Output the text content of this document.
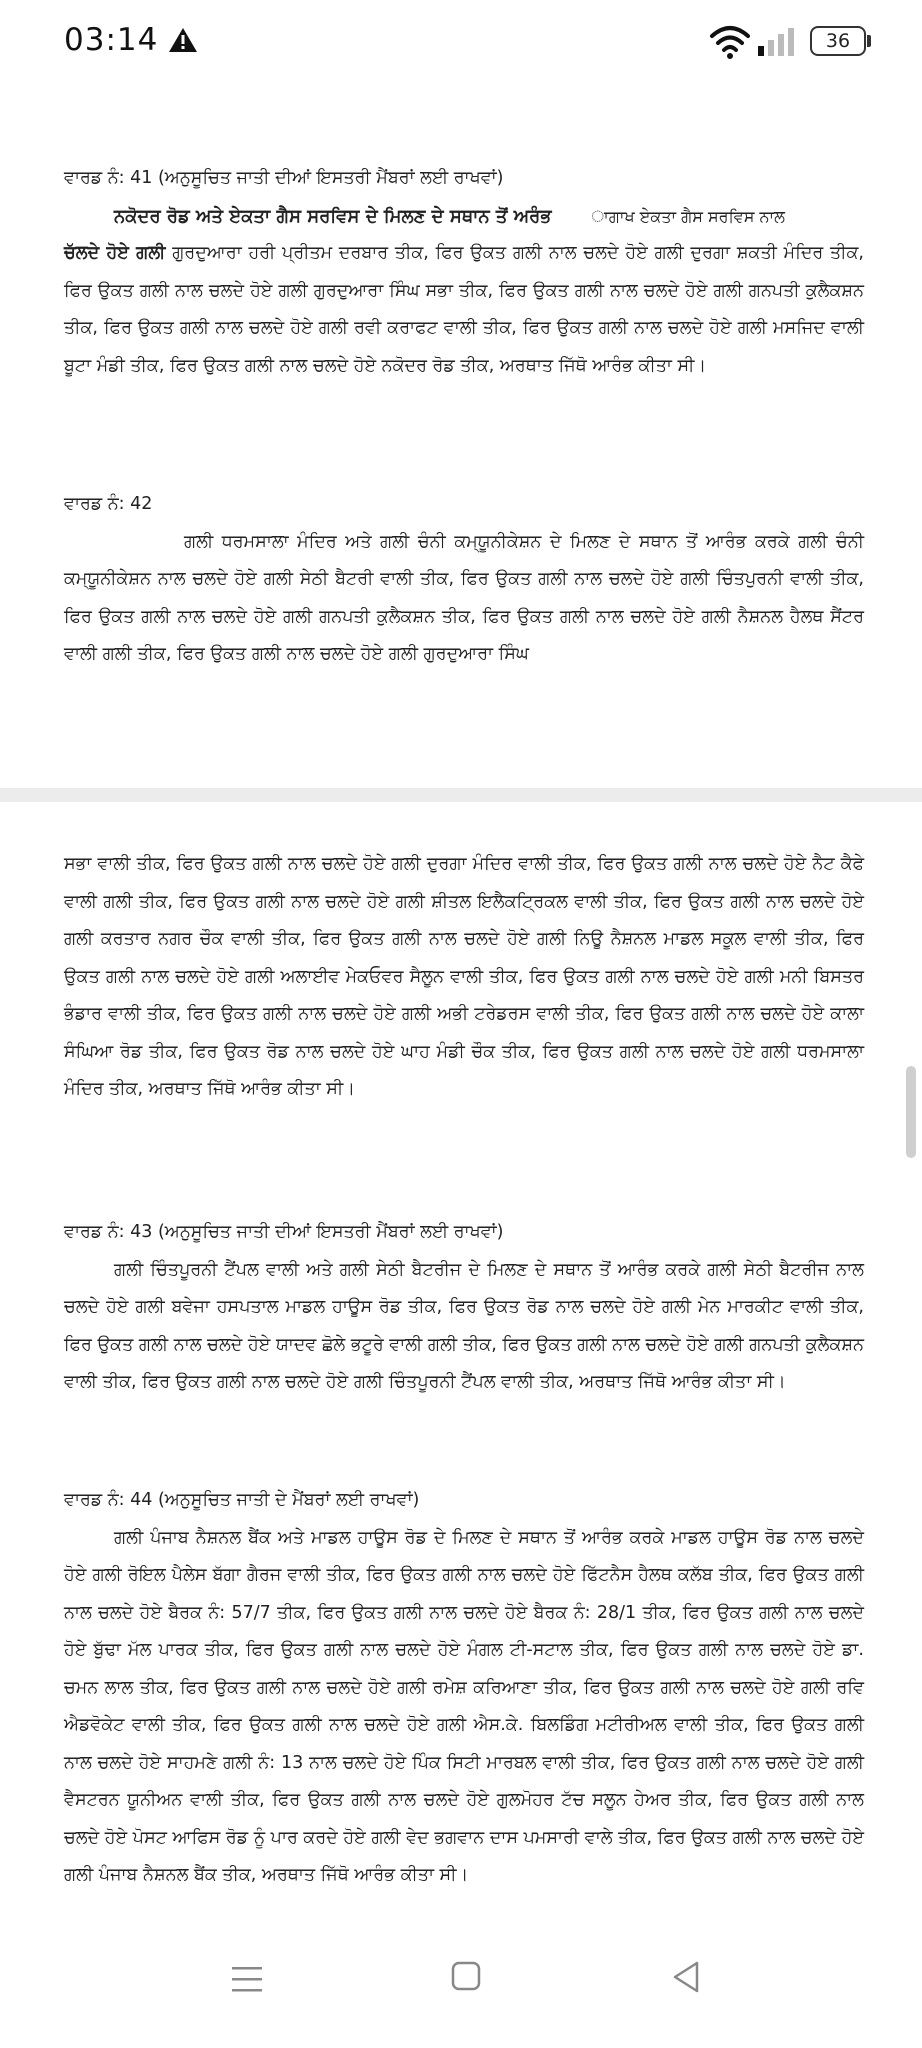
03:14	36
ਵਾਰਡ ਨੰ: 41 (ਅਨੁਸੂਚਿਤ ਜਾਤੀ ਦੀਆਂ ਇਸਤਰੀ ਮੈਂਬਰਾਂ ਲਈ ਰਾਖਵਾਂ)
ਨਕੋਦਰ ਰੋਡ ਅਤੇ ਏਕਤਾ ਗੈਸ ਸਰਵਿਸ ਦੇ ਮਿਲਣ ਦੇ ਸਥਾਨ ਤੋਂ ਅਰੰਭ	ਾਗਾਖ ਏਕਤਾ ਗੈਸ ਸਰਵਿਸ ਨਾਲ
ਚੱਲਦੇ ਹੋਏ ਗਲੀ ਗੁਰਦੁਆਰਾ ਹਰੀ ਪ੍ਰੀਤਮ ਦਰਬਾਰ ਤੀਕ, ਫਿਰ ਉਕਤ ਗਲੀ ਨਾਲ ਚਲਦੇ ਹੋਏ ਗਲੀ ਦੁਰਗਾ ਸ਼ਕਤੀ ਮੰਦਿਰ ਤੀਕ, ਫਿਰ ਉਕਤ ਗਲੀ ਨਾਲ ਚਲਦੇ ਹੋਏ ਗਲੀ ਗੁਰਦੁਆਰਾ ਸਿੰਘ ਸਭਾ ਤੀਕ, ਫਿਰ ਉਕਤ ਗਲੀ ਨਾਲ ਚਲਦੇ ਹੋਏ ਗਲੀ ਗਨਪਤੀ ਕੁਲੈਕਸ਼ਨ ਤੀਕ, ਫਿਰ ਉਕਤ ਗਲੀ ਨਾਲ ਚਲਦੇ ਹੋਏ ਗਲੀ ਰਵੀ ਕਰਾਫਟ ਵਾਲੀ ਤੀਕ, ਫਿਰ ਉਕਤ ਗਲੀ ਨਾਲ ਚਲਦੇ ਹੋਏ ਗਲੀ ਮਸਜਿਦ ਵਾਲੀ ਬੂਟਾ ਮੰਡੀ ਤੀਕ, ਫਿਰ ਉਕਤ ਗਲੀ ਨਾਲ ਚਲਦੇ ਹੋਏ ਨਕੋਦਰ ਰੋਡ ਤੀਕ, ਅਰਥਾਤ ਜਿੱਥੋ ਆਰੰਭ ਕੀਤਾ ਸੀ।
ਵਾਰਡ ਨੰ: 42
ਗਲੀ ਧਰਮਸਾਲਾ ਮੰਦਿਰ ਅਤੇ ਗਲੀ ਚੰਨੀ ਕਮ੍ਯੂਨੀਕੇਸ਼ਨ ਦੇ ਮਿਲਣ ਦੇ ਸਥਾਨ ਤੋਂ ਆਰੰਭ ਕਰਕੇ ਗਲੀ ਚੰਨੀ ਕਮ੍ਯੂਨੀਕੇਸ਼ਨ ਨਾਲ ਚਲਦੇ ਹੋਏ ਗਲੀ ਸੇਠੀ ਬੈਟਰੀ ਵਾਲੀ ਤੀਕ, ਫਿਰ ਉਕਤ ਗਲੀ ਨਾਲ ਚਲਦੇ ਹੋਏ ਗਲੀ ਚਿੰਤਪੁਰਨੀ ਵਾਲੀ ਤੀਕ, ਫਿਰ ਉਕਤ ਗਲੀ ਨਾਲ ਚਲਦੇ ਹੋਏ ਗਲੀ ਗਨਪਤੀ ਕੁਲੈਕਸ਼ਨ ਤੀਕ, ਫਿਰ ਉਕਤ ਗਲੀ ਨਾਲ ਚਲਦੇ ਹੋਏ ਗਲੀ ਨੈਸ਼ਨਲ ਹੈਲਥ ਸੈਂਟਰ ਵਾਲੀ ਗਲੀ ਤੀਕ, ਫਿਰ ਉਕਤ ਗਲੀ ਨਾਲ ਚਲਦੇ ਹੋਏ ਗਲੀ ਗੁਰਦੁਆਰਾ ਸਿੰਘ
ਸਭਾ ਵਾਲੀ ਤੀਕ, ਫਿਰ ਉਕਤ ਗਲੀ ਨਾਲ ਚਲਦੇ ਹੋਏ ਗਲੀ ਦੁਰਗਾ ਮੰਦਿਰ ਵਾਲੀ ਤੀਕ, ਫਿਰ ਉਕਤ ਗਲੀ ਨਾਲ ਚਲਦੇ ਹੋਏ ਨੈਟ ਕੈਫੇ ਵਾਲੀ ਗਲੀ ਤੀਕ, ਫਿਰ ਉਕਤ ਗਲੀ ਨਾਲ ਚਲਦੇ ਹੋਏ ਗਲੀ ਸ਼ੀਤਲ ਇਲੈਕਟ੍ਰਿਕਲ ਵਾਲੀ ਤੀਕ, ਫਿਰ ਉਕਤ ਗਲੀ ਨਾਲ ਚਲਦੇ ਹੋਏ ਗਲੀ ਕਰਤਾਰ ਨਗਰ ਚੌਕ ਵਾਲੀ ਤੀਕ, ਫਿਰ ਉਕਤ ਗਲੀ ਨਾਲ ਚਲਦੇ ਹੋਏ ਗਲੀ ਨਿਊ ਨੈਸ਼ਨਲ ਮਾਡਲ ਸਕੂਲ ਵਾਲੀ ਤੀਕ, ਫਿਰ ਉਕਤ ਗਲੀ ਨਾਲ ਚਲਦੇ ਹੋਏ ਗਲੀ ਅਲਾਈਵ ਮੇਕਓਵਰ ਸੈਲੂਨ ਵਾਲੀ ਤੀਕ, ਫਿਰ ਉਕਤ ਗਲੀ ਨਾਲ ਚਲਦੇ ਹੋਏ ਗਲੀ ਮਨੀ ਬਿਸਤਰ ਭੰਡਾਰ ਵਾਲੀ ਤੀਕ, ਫਿਰ ਉਕਤ ਗਲੀ ਨਾਲ ਚਲਦੇ ਹੋਏ ਗਲੀ ਅਭੀ ਟਰੇਡਰਸ ਵਾਲੀ ਤੀਕ, ਫਿਰ ਉਕਤ ਗਲੀ ਨਾਲ ਚਲਦੇ ਹੋਏ ਕਾਲਾ ਸੰਘਿਆ ਰੋਡ ਤੀਕ, ਫਿਰ ਉਕਤ ਰੋਡ ਨਾਲ ਚਲਦੇ ਹੋਏ ਘਾਹ ਮੰਡੀ ਚੌਕ ਤੀਕ, ਫਿਰ ਉਕਤ ਗਲੀ ਨਾਲ ਚਲਦੇ ਹੋਏ ਗਲੀ ਧਰਮਸਾਲਾ ਮੰਦਿਰ ਤੀਕ, ਅਰਥਾਤ ਜਿੱਥੋ ਆਰੰਭ ਕੀਤਾ ਸੀ।
ਵਾਰਡ ਨੰ: 43 (ਅਨੁਸੂਚਿਤ ਜਾਤੀ ਦੀਆਂ ਇਸਤਰੀ ਮੈਂਬਰਾਂ ਲਈ ਰਾਖਵਾਂ)
ਗਲੀ ਚਿੰਤਪੂਰਨੀ ਟੈਂਪਲ ਵਾਲੀ ਅਤੇ ਗਲੀ ਸੇਠੀ ਬੈਟਰੀਜ ਦੇ ਮਿਲਣ ਦੇ ਸਥਾਨ ਤੋਂ ਆਰੰਭ ਕਰਕੇ ਗਲੀ ਸੇਠੀ ਬੈਟਰੀਜ ਨਾਲ ਚਲਦੇ ਹੋਏ ਗਲੀ ਬਵੇਜਾ ਹਸਪਤਾਲ ਮਾਡਲ ਹਾਊਸ ਰੋਡ ਤੀਕ, ਫਿਰ ਉਕਤ ਰੋਡ ਨਾਲ ਚਲਦੇ ਹੋਏ ਗਲੀ ਮੇਨ ਮਾਰਕੀਟ ਵਾਲੀ ਤੀਕ, ਫਿਰ ਉਕਤ ਗਲੀ ਨਾਲ ਚਲਦੇ ਹੋਏ ਯਾਦਵ ਛੋਲੇ ਭਟੂਰੇ ਵਾਲੀ ਗਲੀ ਤੀਕ, ਫਿਰ ਉਕਤ ਗਲੀ ਨਾਲ ਚਲਦੇ ਹੋਏ ਗਲੀ ਗਨਪਤੀ ਕੁਲੈਕਸ਼ਨ ਵਾਲੀ ਤੀਕ, ਫਿਰ ਉਕਤ ਗਲੀ ਨਾਲ ਚਲਦੇ ਹੋਏ ਗਲੀ ਚਿੰਤਪੂਰਨੀ ਟੈਂਪਲ ਵਾਲੀ ਤੀਕ, ਅਰਥਾਤ ਜਿੱਥੋ ਆਰੰਭ ਕੀਤਾ ਸੀ।
ਵਾਰਡ ਨੰ: 44 (ਅਨੁਸੂਚਿਤ ਜਾਤੀ ਦੇ ਮੈਂਬਰਾਂ ਲਈ ਰਾਖਵਾਂ)
ਗਲੀ ਪੰਜਾਬ ਨੈਸ਼ਨਲ ਬੈਂਕ ਅਤੇ ਮਾਡਲ ਹਾਊਸ ਰੋਡ ਦੇ ਮਿਲਣ ਦੇ ਸਥਾਨ ਤੋਂ ਆਰੰਭ ਕਰਕੇ ਮਾਡਲ ਹਾਊਸ ਰੋਡ ਨਾਲ ਚਲਦੇ ਹੋਏ ਗਲੀ ਰੋਇਲ ਪੈਲੇਸ ਬੱਗਾ ਗੈਰਜ ਵਾਲੀ ਤੀਕ, ਫਿਰ ਉਕਤ ਗਲੀ ਨਾਲ ਚਲਦੇ ਹੋਏ ਫਿੱਟਨੈਸ ਹੈਲਥ ਕਲੱਬ ਤੀਕ, ਫਿਰ ਉਕਤ ਗਲੀ ਨਾਲ ਚਲਦੇ ਹੋਏ ਬੈਰਕ ਨੰ: 57/7 ਤੀਕ, ਫਿਰ ਉਕਤ ਗਲੀ ਨਾਲ ਚਲਦੇ ਹੋਏ ਬੈਰਕ ਨੰ: 28/1 ਤੀਕ, ਫਿਰ ਉਕਤ ਗਲੀ ਨਾਲ ਚਲਦੇ ਹੋਏ ਬੁੱਢਾ ਮੱਲ ਪਾਰਕ ਤੀਕ, ਫਿਰ ਉਕਤ ਗਲੀ ਨਾਲ ਚਲਦੇ ਹੋਏ ਮੰਗਲ ਟੀ-ਸਟਾਲ ਤੀਕ, ਫਿਰ ਉਕਤ ਗਲੀ ਨਾਲ ਚਲਦੇ ਹੋਏ ਡਾ. ਚਮਨ ਲਾਲ ਤੀਕ, ਫਿਰ ਉਕਤ ਗਲੀ ਨਾਲ ਚਲਦੇ ਹੋਏ ਗਲੀ ਰਮੇਸ਼ ਕਰਿਆਣਾ ਤੀਕ, ਫਿਰ ਉਕਤ ਗਲੀ ਨਾਲ ਚਲਦੇ ਹੋਏ ਗਲੀ ਰਵਿ ਐਡਵੋਕੇਟ ਵਾਲੀ ਤੀਕ, ਫਿਰ ਉਕਤ ਗਲੀ ਨਾਲ ਚਲਦੇ ਹੋਏ ਗਲੀ ਐਸ.ਕੇ. ਬਿਲਡਿੰਗ ਮਟੀਰੀਅਲ ਵਾਲੀ ਤੀਕ, ਫਿਰ ਉਕਤ ਗਲੀ ਨਾਲ ਚਲਦੇ ਹੋਏ ਸਾਹਮਣੇ ਗਲੀ ਨੰ: 13 ਨਾਲ ਚਲਦੇ ਹੋਏ ਪਿੰਕ ਸਿਟੀ ਮਾਰਬਲ ਵਾਲੀ ਤੀਕ, ਫਿਰ ਉਕਤ ਗਲੀ ਨਾਲ ਚਲਦੇ ਹੋਏ ਗਲੀ ਵੈਸਟਰਨ ਯੂਨੀਅਨ ਵਾਲੀ ਤੀਕ, ਫਿਰ ਉਕਤ ਗਲੀ ਨਾਲ ਚਲਦੇ ਹੋਏ ਗੁਲਮੋਹਰ ਟੱਚ ਸਲੂਨ ਹੇਅਰ ਤੀਕ, ਫਿਰ ਉਕਤ ਗਲੀ ਨਾਲ ਚਲਦੇ ਹੋਏ ਪੋਸਟ ਆਫਿਸ ਰੋਡ ਨੂੰ ਪਾਰ ਕਰਦੇ ਹੋਏ ਗਲੀ ਵੇਦ ਭਗਵਾਨ ਦਾਸ ਪਮਸਾਰੀ ਵਾਲੇ ਤੀਕ, ਫਿਰ ਉਕਤ ਗਲੀ ਨਾਲ ਚਲਦੇ ਹੋਏ ਗਲੀ ਪੰਜਾਬ ਨੈਸ਼ਨਲ ਬੈਂਕ ਤੀਕ, ਅਰਥਾਤ ਜਿੱਥੋ ਆਰੰਭ ਕੀਤਾ ਸੀ।
